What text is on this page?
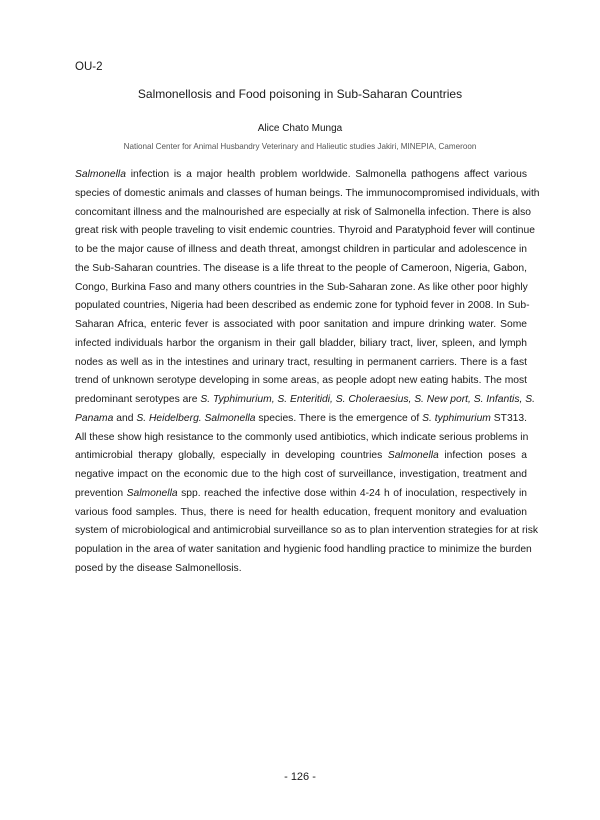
OU-2
Salmonellosis and Food poisoning in Sub-Saharan Countries
Alice Chato Munga
National Center for Animal Husbandry Veterinary and Halieutic studies Jakiri, MINEPIA, Cameroon
Salmonella infection is a major health problem worldwide. Salmonella pathogens affect various
species of domestic animals and classes of human beings. The immunocompromised individuals, with
concomitant illness and the malnourished are especially at risk of Salmonella infection. There is also
great risk with people traveling to visit endemic countries. Thyroid and Paratyphoid fever will continue
to be the major cause of illness and death threat, amongst children in particular and adolescence in
the Sub-Saharan countries. The disease is a life threat to the people of Cameroon, Nigeria, Gabon,
Congo, Burkina Faso and many others countries in the Sub-Saharan zone. As like other poor highly
populated countries, Nigeria had been described as endemic zone for typhoid fever in 2008. In Sub-
Saharan Africa, enteric fever is associated with poor sanitation and impure drinking water. Some
infected individuals harbor the organism in their gall bladder, biliary tract, liver, spleen, and lymph
nodes as well as in the intestines and urinary tract, resulting in permanent carriers. There is a fast
trend of unknown serotype developing in some areas, as people adopt new eating habits. The most
predominant serotypes are S. Typhimurium, S. Enteritidi, S. Choleraesius, S. New port, S. Infantis, S.
Panama and S. Heidelberg. Salmonella species. There is the emergence of S. typhimurium ST313.
All these show high resistance to the commonly used antibiotics, which indicate serious problems in
antimicrobial therapy globally, especially in developing countries Salmonella infection poses a
negative impact on the economic due to the high cost of surveillance, investigation, treatment and
prevention Salmonella spp. reached the infective dose within 4-24 h of inoculation, respectively in
various food samples. Thus, there is need for health education, frequent monitory and evaluation
system of microbiological and antimicrobial surveillance so as to plan intervention strategies for at risk
population in the area of water sanitation and hygienic food handling practice to minimize the burden
posed by the disease Salmonellosis.
- 126 -
